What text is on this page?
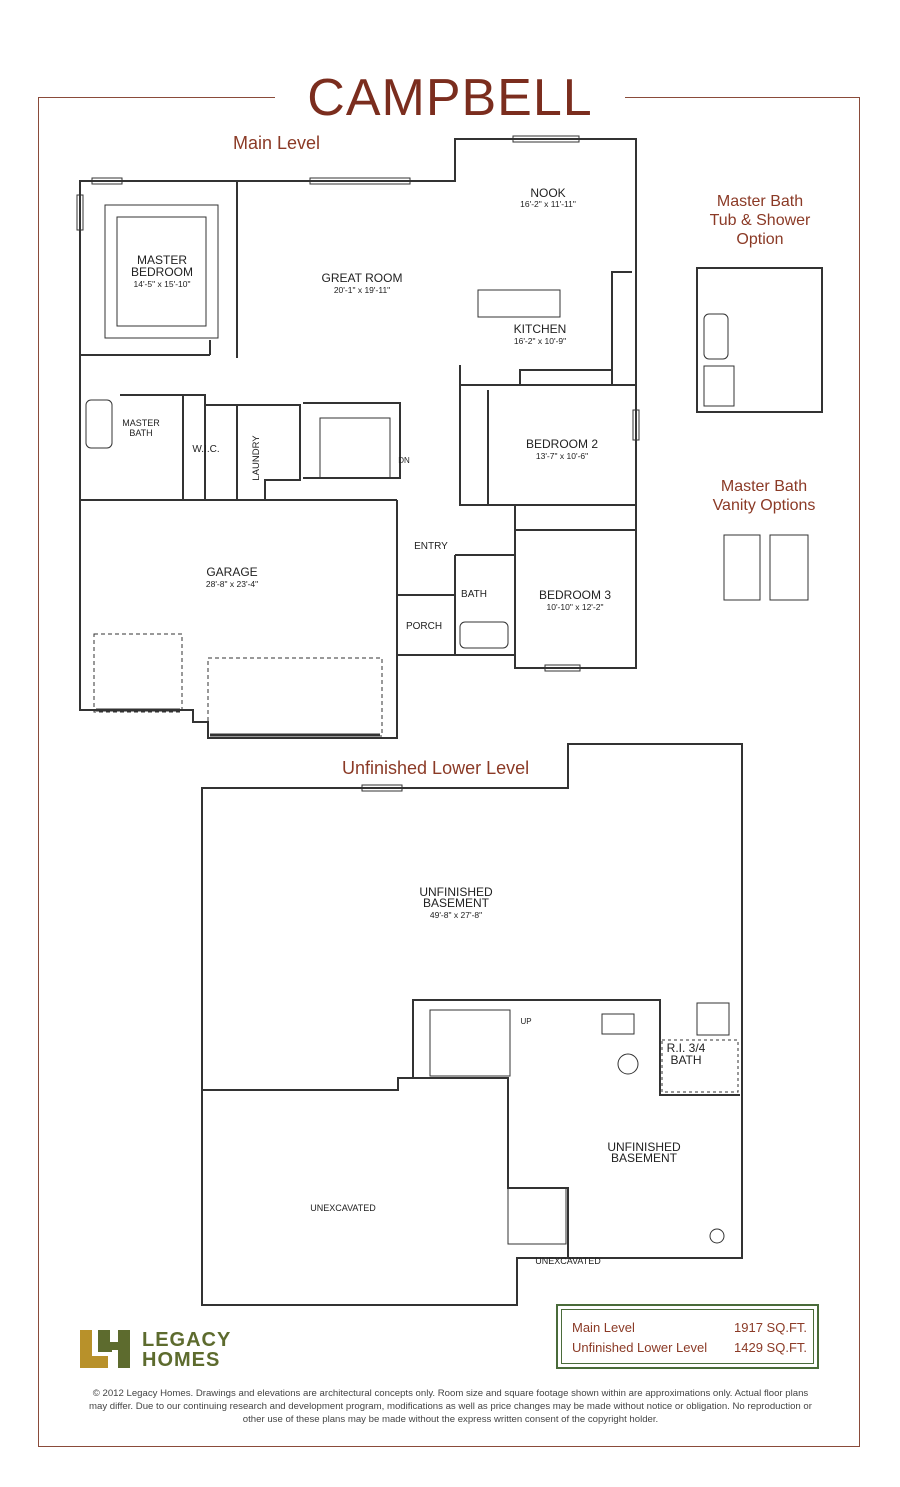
CAMPBELL
Main Level
Unfinished Lower Level
Master Bath
Tub & Shower
Option
Master Bath
Vanity Options
NOOK
16'-2" x 11'-11"
MASTER
BEDROOM
14'-5" x 15'-10"	GREAT ROOM
20'-1" x 19'-11"
KITCHEN
16'-2" x 10'-9"
MASTER
BATH
W.I.C.	LAUNDRY	DN
BEDROOM 2
13'-7" x 10'-6"
GARAGE
28'-8" x 23'-4"
ENTRY
BATH
PORCH
BEDROOM 3
10'-10" x 12'-2"
UNFINISHED
BASEMENT
49'-8" x 27'-8"
UP
R.I. 3/4
BATH
UNFINISHED
BASEMENT
UNEXCAVATED
UNEXCAVATED
Main Level	1917 SQ.FT.
Unfinished Lower Level 1429 SQ.FT.
LEGACY
HOMES
© 2012 Legacy Homes. Drawings and elevations are architectural concepts only. Room size and square footage shown within are approximations only. Actual floor plans may differ. Due to our continuing research and development program, modifications as well as price changes may be made without notice or obligation. No reproduction or other use of these plans may be made without the express written consent of the copyright holder.
